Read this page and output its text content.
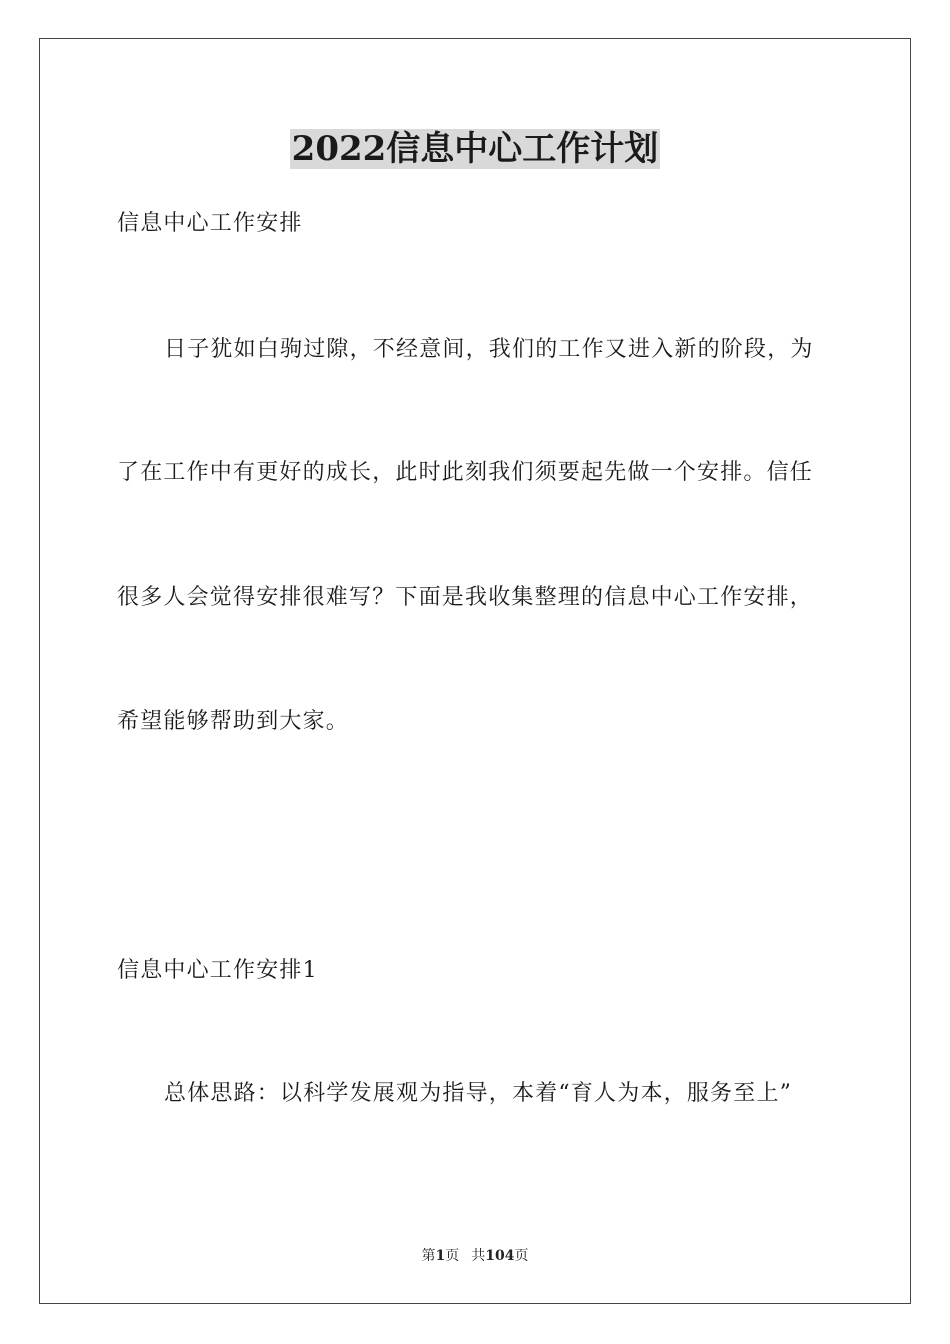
2022信息中心工作计划
信息中心工作安排
日子犹如白驹过隙，不经意间，我们的工作又进入新的阶段，为
了在工作中有更好的成长，此时此刻我们须要起先做一个安排。信任
很多人会觉得安排很难写？下面是我收集整理的信息中心工作安排，
希望能够帮助到大家。
信息中心工作安排1
总体思路：以科学发展观为指导，本着“育人为本，服务至上”
第1页 共104页
